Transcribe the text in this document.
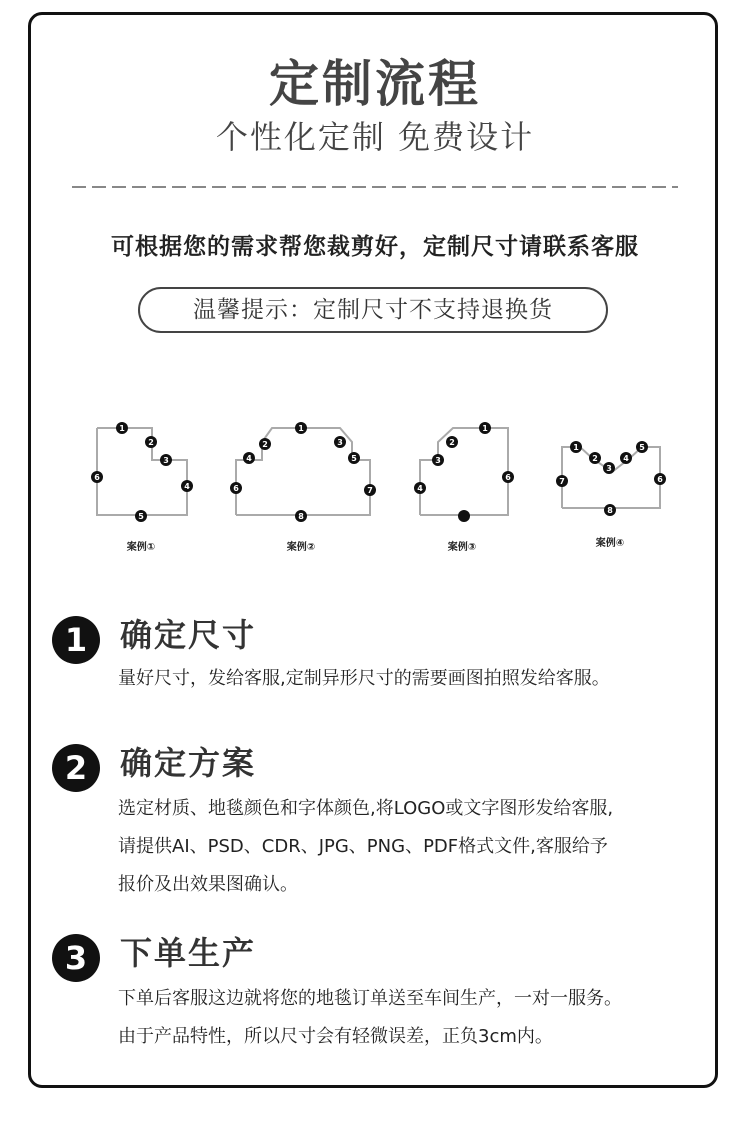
定制流程
个性化定制 免费设计
可根据您的需求帮您裁剪好，定制尺寸请联系客服
温馨提示：定制尺寸不支持退换货
1
2
3
4
5
6
1
2	3
4	5
6	7
8
1
2
3
4
6
1
2
3
4
5
6
7
8
案例①	案例②	案例③	案例④
1	确定尺寸
量好尺寸，发给客服,定制异形尺寸的需要画图拍照发给客服。
2	确定方案
选定材质、地毯颜色和字体颜色,将LOGO或文字图形发给客服,
请提供AI、PSD、CDR、JPG、PNG、PDF格式文件,客服给予
报价及出效果图确认。
3	下单生产
下单后客服这边就将您的地毯订单送至车间生产，一对一服务。
由于产品特性，所以尺寸会有轻微误差，正负3cm内。
